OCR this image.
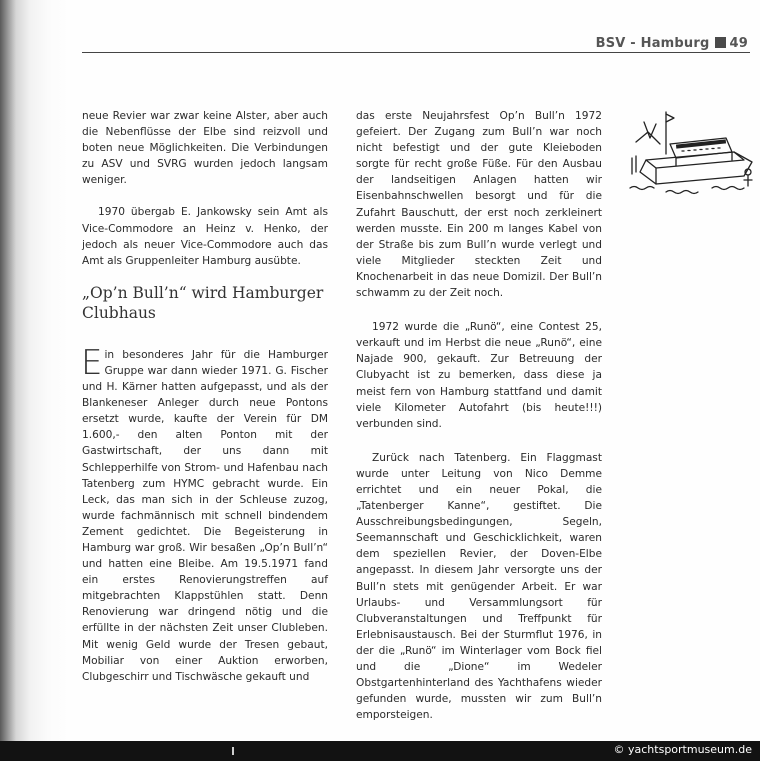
BSV - Hamburg 49

neue Revier war zwar keine Alster, aber auch die Nebenflüsse der Elbe sind reizvoll und boten neue Möglichkeiten. Die Verbindungen zu ASV und SVRG wurden jedoch langsam weniger.

1970 übergab E. Jankowsky sein Amt als Vice-Commodore an Heinz v. Henko, der jedoch als neuer Vice-Commodore auch das Amt als Gruppenleiter Hamburg ausübte.

„Op’n Bull’n“ wird Hamburger Clubhaus

Ein besonderes Jahr für die Hamburger Gruppe war dann wieder 1971. G. Fischer und H. Kärner hatten aufgepasst, und als der Blankeneser Anleger durch neue Pontons ersetzt wurde, kaufte der Verein für DM 1.600,- den alten Ponton mit der Gastwirtschaft, der uns dann mit Schlepperhilfe von Strom- und Hafenbau nach Tatenberg zum HYMC gebracht wurde. Ein Leck, das man sich in der Schleuse zuzog, wurde fachmännisch mit schnell bindendem Zement gedichtet. Die Begeisterung in Hamburg war groß. Wir besaßen „Op’n Bull’n“ und hatten eine Bleibe. Am 19.5.1971 fand ein erstes Renovierungstreffen auf mitgebrachten Klappstühlen statt. Denn Renovierung war dringend nötig und die erfüllte in der nächsten Zeit unser Clubleben. Mit wenig Geld wurde der Tresen gebaut, Mobiliar von einer Auktion erworben, Clubgeschirr und Tischwäsche gekauft und

das erste Neujahrsfest Op’n Bull’n 1972 gefeiert. Der Zugang zum Bull’n war noch nicht befestigt und der gute Kleieboden sorgte für recht große Füße. Für den Ausbau der landseitigen Anlagen hatten wir Eisenbahnschwellen besorgt und für die Zufahrt Bauschutt, der erst noch zerkleinert werden musste. Ein 200 m langes Kabel von der Straße bis zum Bull’n wurde verlegt und viele Mitglieder steckten Zeit und Knochenarbeit in das neue Domizil. Der Bull’n schwamm zu der Zeit noch.

1972 wurde die „Runö“, eine Contest 25, verkauft und im Herbst die neue „Runö“, eine Najade 900, gekauft. Zur Betreuung der Clubyacht ist zu bemerken, dass diese ja meist fern von Hamburg stattfand und damit viele Kilometer Autofahrt (bis heute!!!) verbunden sind.

Zurück nach Tatenberg. Ein Flaggmast wurde unter Leitung von Nico Demme errichtet und ein neuer Pokal, die „Tatenberger Kanne“, gestiftet. Die Ausschreibungsbedingungen, Segeln, Seemannschaft und Geschicklichkeit, waren dem speziellen Revier, der Doven-Elbe angepasst. In diesem Jahr versorgte uns der Bull’n stets mit genügender Arbeit. Er war Urlaubs- und Versammlungsort für Clubveranstaltungen und Treffpunkt für Erlebnisaustausch. Bei der Sturmflut 1976, in der die „Runö“ im Winterlager vom Bock fiel und die „Dione“ im Wedeler Obstgartenhinterland des Yachthafens wieder gefunden wurde, mussten wir zum Bull’n emporsteigen.

© yachtsportmuseum.de
